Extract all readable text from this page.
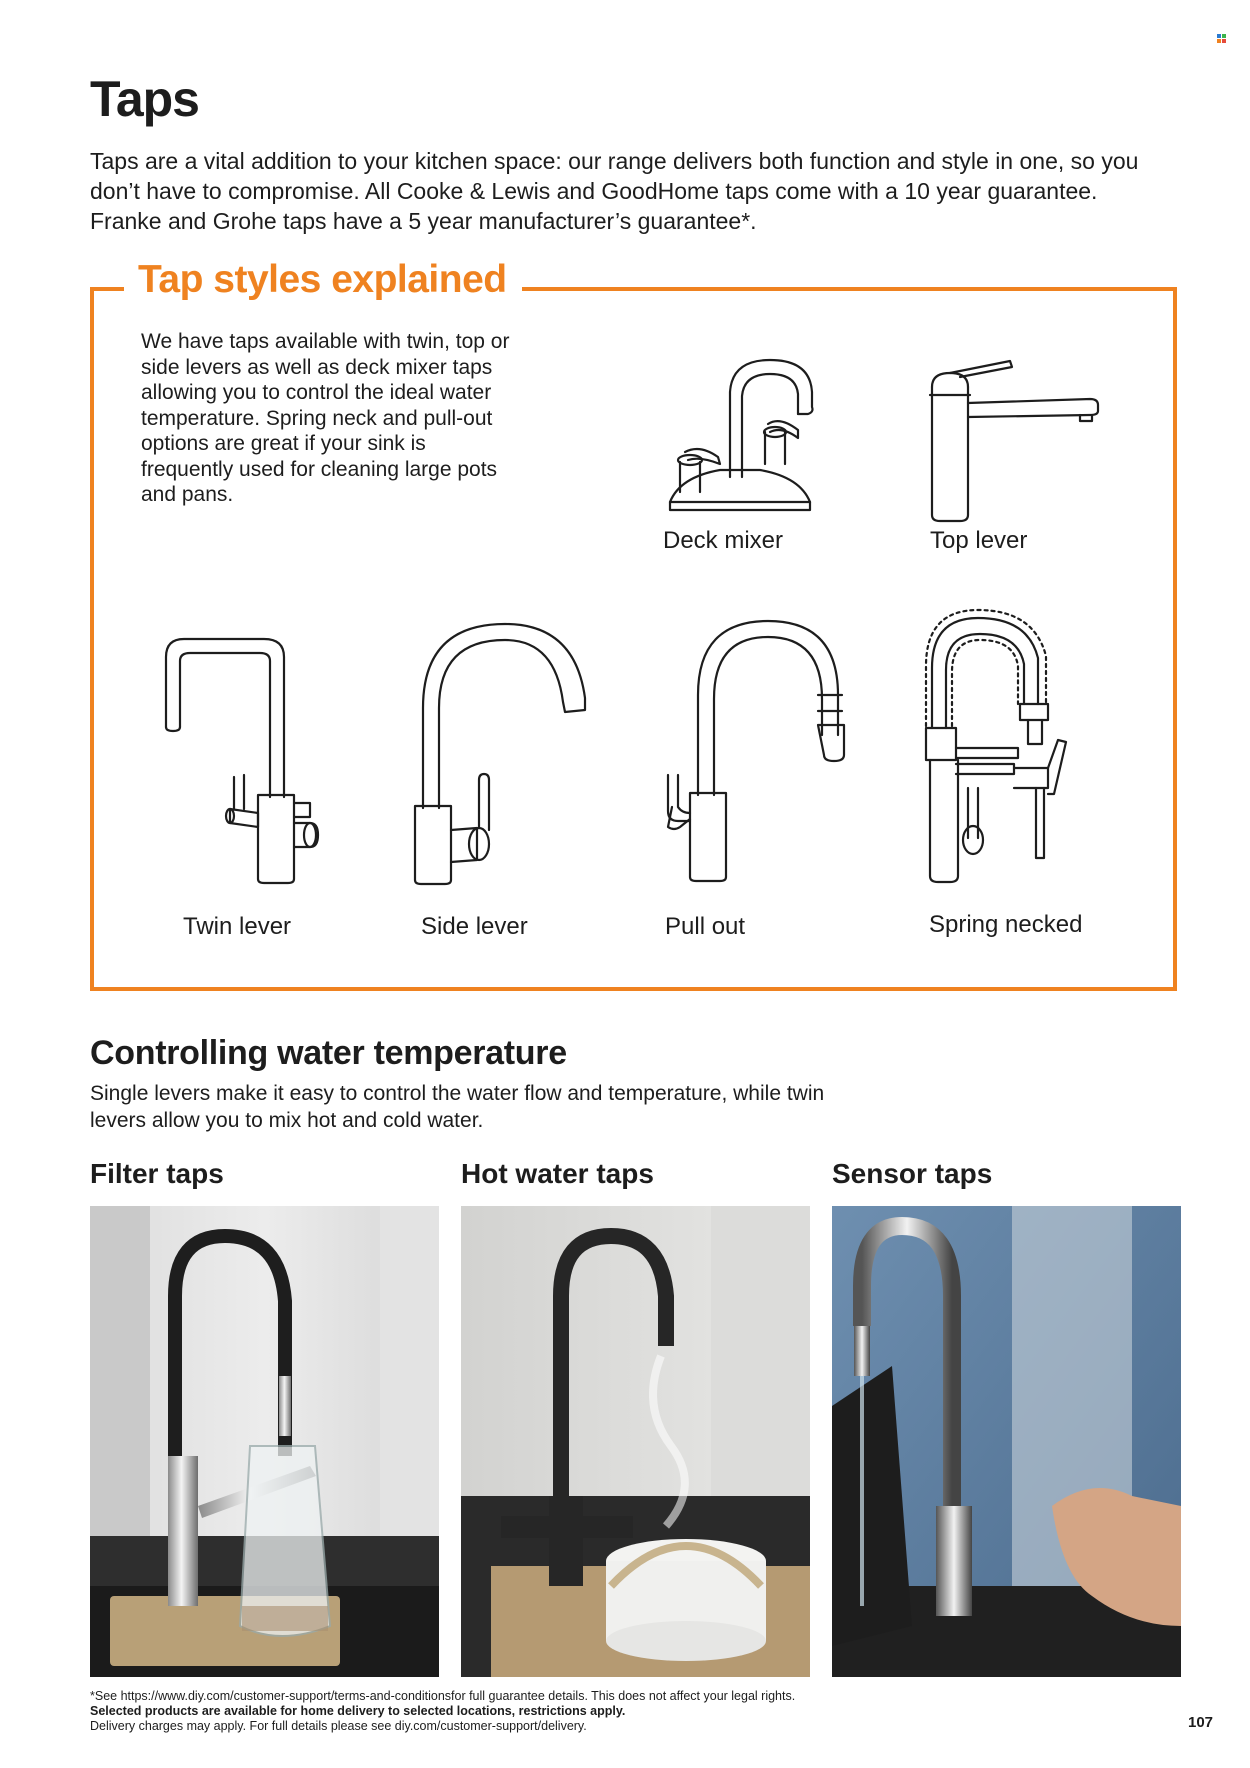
Taps

Taps are a vital addition to your kitchen space: our range delivers both function and style in one, so you don’t have to compromise. All Cooke & Lewis and GoodHome taps come with a 10 year guarantee. Franke and Grohe taps have a 5 year manufacturer’s guarantee*.

Tap styles explained

We have taps available with twin, top or side levers as well as deck mixer taps allowing you to control the ideal water temperature. Spring neck and pull-out options are great if your sink is frequently used for cleaning large pots and pans.

Deck mixer	Top lever
Twin lever	Side lever	Pull out	Spring necked
Controlling water temperature

Single levers make it easy to control the water flow and temperature, while twin levers allow you to mix hot and cold water.

Filter taps	Hot water taps	Sensor taps
*See https://www.diy.com/customer-support/terms-and-conditionsfor full guarantee details. This does not affect your legal rights.
Selected products are available for home delivery to selected locations, restrictions apply.
Delivery charges may apply. For full details please see diy.com/customer-support/delivery.	107
